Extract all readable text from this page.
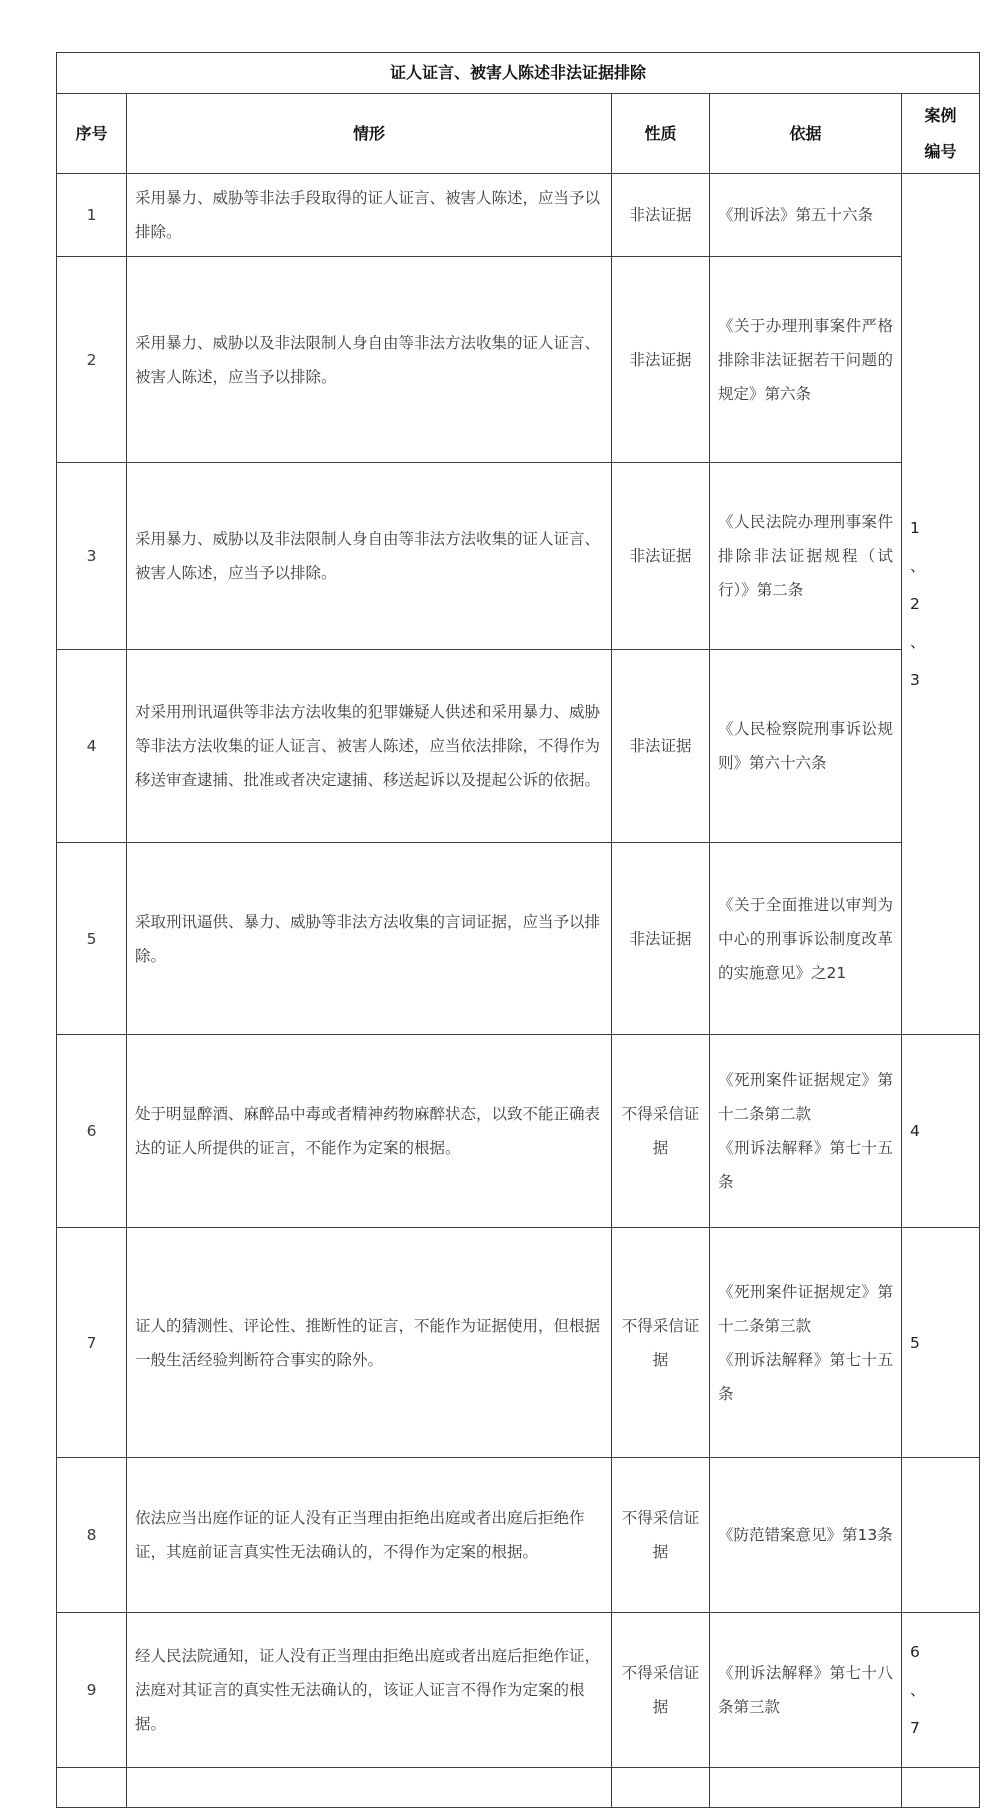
证人证言、被害人陈述非法证据排除				
序号	情形	性质	依据	案例
编号

1	采用暴力、威胁等非法手段取得的证人证言、被害人陈述，应当予以排除。	非法证据	《刑诉法》第五十六条	1
、
2
、
3

2	采用暴力、威胁以及非法限制人身自由等非法方法收集的证人证言、被害人陈述，应当予以排除。	非法证据	《关于办理刑事案件严格排除非法证据若干问题的规定》第六条	

3	采用暴力、威胁以及非法限制人身自由等非法方法收集的证人证言、被害人陈述，应当予以排除。	非法证据	《人民法院办理刑事案件排除非法证据规程（试行）》第二条	

4	对采用刑讯逼供等非法方法收集的犯罪嫌疑人供述和采用暴力、威胁等非法方法收集的证人证言、被害人陈述，应当依法排除，不得作为移送审查逮捕、批准或者决定逮捕、移送起诉以及提起公诉的依据。	非法证据	《人民检察院刑事诉讼规则》第六十六条	

5	采取刑讯逼供、暴力、威胁等非法方法收集的言词证据，应当予以排除。	非法证据	《关于全面推进以审判为中心的刑事诉讼制度改革的实施意见》之21	

6	处于明显醉酒、麻醉品中毒或者精神药物麻醉状态，以致不能正确表达的证人所提供的证言，不能作为定案的根据。	不得采信证据	《死刑案件证据规定》第十二条第二款
《刑诉法解释》第七十五条	4

7	证人的猜测性、评论性、推断性的证言，不能作为证据使用，但根据一般生活经验判断符合事实的除外。	不得采信证据	《死刑案件证据规定》第十二条第三款
《刑诉法解释》第七十五条	5

8	依法应当出庭作证的证人没有正当理由拒绝出庭或者出庭后拒绝作证，其庭前证言真实性无法确认的，不得作为定案的根据。	不得采信证据	《防范错案意见》第13条	

9	经人民法院通知，证人没有正当理由拒绝出庭或者出庭后拒绝作证，法庭对其证言的真实性无法确认的，该证人证言不得作为定案的根据。	不得采信证据	《刑诉法解释》第七十八条第三款	6
、
7
